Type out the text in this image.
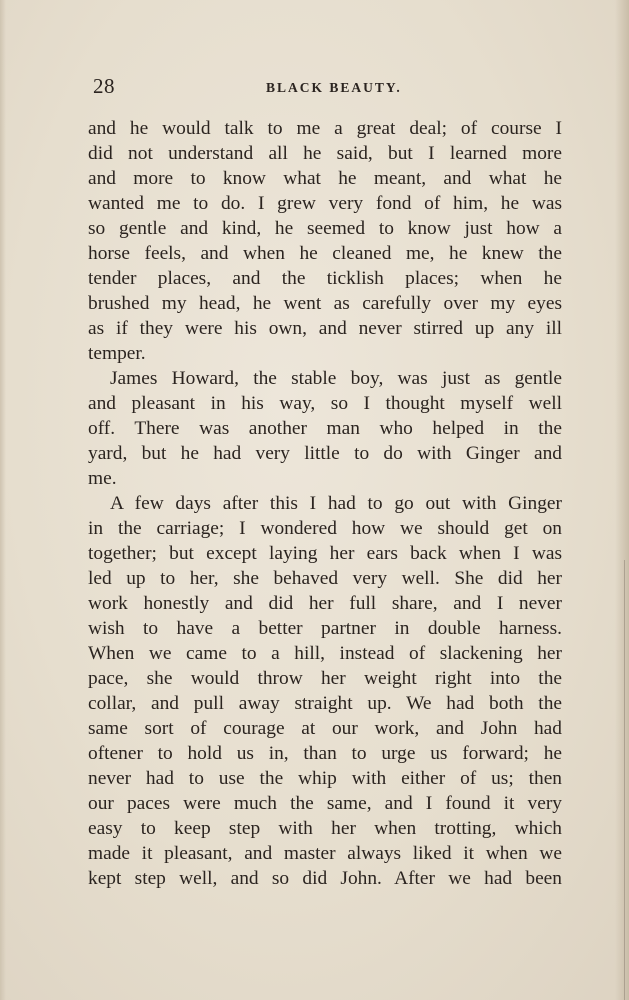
28	BLACK BEAUTY.
and he would talk to me a great deal; of course I
did not understand all he said, but I learned more
and more to know what he meant, and what he
wanted me to do. I grew very fond of him, he was
so gentle and kind, he seemed to know just how a
horse feels, and when he cleaned me, he knew the
tender places, and the ticklish places; when he
brushed my head, he went as carefully over my eyes
as if they were his own, and never stirred up any ill
temper.
James Howard, the stable boy, was just as gentle
and pleasant in his way, so I thought myself well
off. There was another man who helped in the
yard, but he had very little to do with Ginger and
me.
A few days after this I had to go out with Ginger
in the carriage; I wondered how we should get on
together; but except laying her ears back when I was
led up to her, she behaved very well. She did her
work honestly and did her full share, and I never
wish to have a better partner in double harness.
When we came to a hill, instead of slackening her
pace, she would throw her weight right into the
collar, and pull away straight up. We had both the
same sort of courage at our work, and John had
oftener to hold us in, than to urge us forward; he
never had to use the whip with either of us; then
our paces were much the same, and I found it very
easy to keep step with her when trotting, which
made it pleasant, and master always liked it when we
kept step well, and so did John. After we had been
